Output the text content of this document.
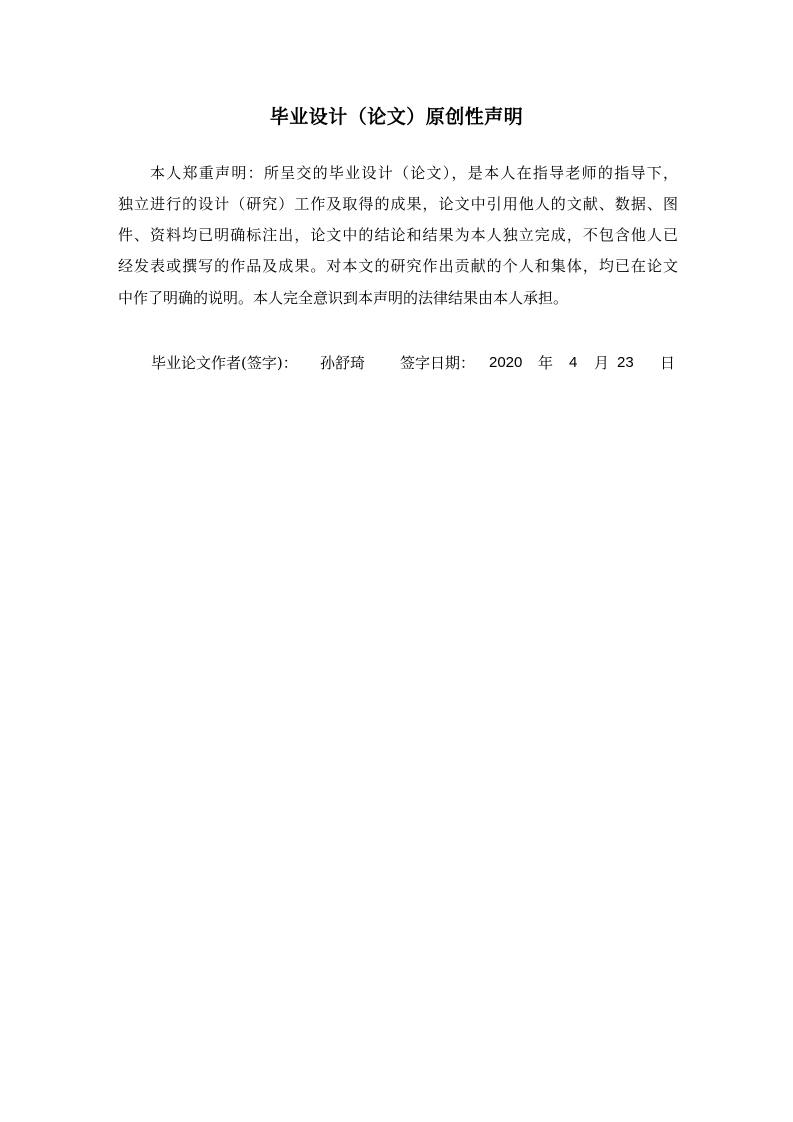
毕业设计（论文）原创性声明
本人郑重声明：所呈交的毕业设计（论文），是本人在指导老师的指导下，
独立进行的设计（研究）工作及取得的成果，论文中引用他人的文献、数据、图
件、资料均已明确标注出，论文中的结论和结果为本人独立完成，不包含他人已
经发表或撰写的作品及成果。对本文的研究作出贡献的个人和集体，均已在论文
中作了明确的说明。本人完全意识到本声明的法律结果由本人承担。
毕业论文作者(签字)： 孙舒琦 签字日期： 2020 年 4 月 23 日
